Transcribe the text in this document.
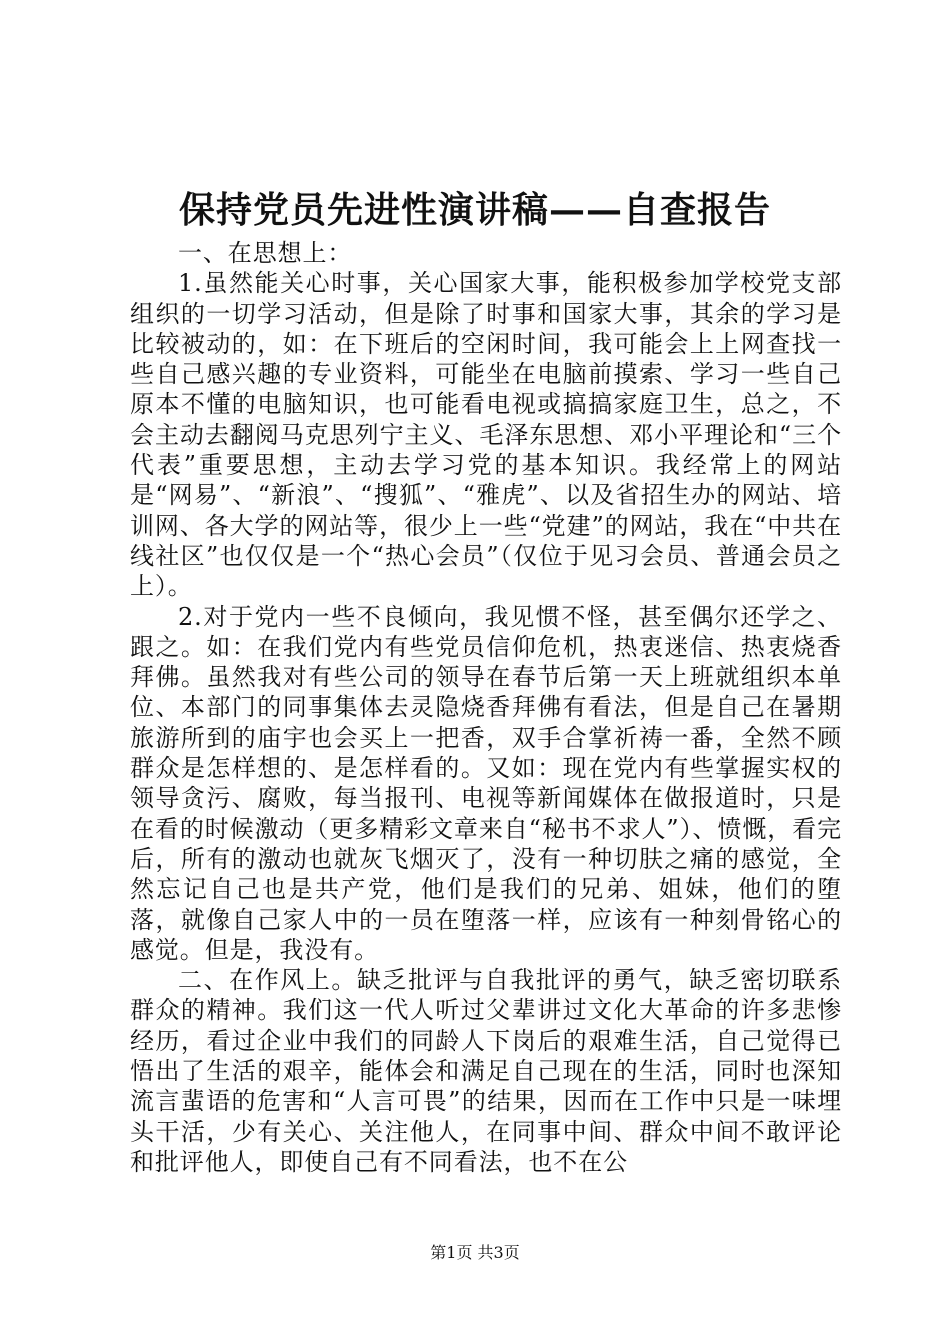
保持党员先进性演讲稿——自查报告

一、在思想上：

1.虽然能关心时事，关心国家大事，能积极参加学校党支部组织的一切学习活动，但是除了时事和国家大事，其余的学习是比较被动的，如：在下班后的空闲时间，我可能会上上网查找一些自己感兴趣的专业资料，可能坐在电脑前摸索、学习一些自己原本不懂的电脑知识，也可能看电视或搞搞家庭卫生，总之，不会主动去翻阅马克思列宁主义、毛泽东思想、邓小平理论和“三个代表”重要思想，主动去学习党的基本知识。我经常上的网站是“网易”、“新浪”、“搜狐”、“雅虎”、以及省招生办的网站、培训网、各大学的网站等，很少上一些“党建”的网站，我在“中共在线社区”也仅仅是一个“热心会员”（仅位于见习会员、普通会员之上）。

2.对于党内一些不良倾向，我见惯不怪，甚至偶尔还学之、跟之。如：在我们党内有些党员信仰危机，热衷迷信、热衷烧香拜佛。虽然我对有些公司的领导在春节后第一天上班就组织本单位、本部门的同事集体去灵隐烧香拜佛有看法，但是自己在暑期旅游所到的庙宇也会买上一把香，双手合掌祈祷一番，全然不顾群众是怎样想的、是怎样看的。又如：现在党内有些掌握实权的领导贪污、腐败，每当报刊、电视等新闻媒体在做报道时，只是在看的时候激动（更多精彩文章来自“秘书不求人”）、愤慨，看完后，所有的激动也就灰飞烟灭了，没有一种切肤之痛的感觉，全然忘记自己也是共产党，他们是我们的兄弟、姐妹，他们的堕落，就像自己家人中的一员在堕落一样，应该有一种刻骨铭心的感觉。但是，我没有。

二、在作风上。缺乏批评与自我批评的勇气，缺乏密切联系群众的精神。我们这一代人听过父辈讲过文化大革命的许多悲惨经历，看过企业中我们的同龄人下岗后的艰难生活，自己觉得已悟出了生活的艰辛，能体会和满足自己现在的生活，同时也深知流言蜚语的危害和“人言可畏”的结果，因而在工作中只是一味埋头干活，少有关心、关注他人，在同事中间、群众中间不敢评论和批评他人，即使自己有不同看法，也不在公

第1页 共3页
